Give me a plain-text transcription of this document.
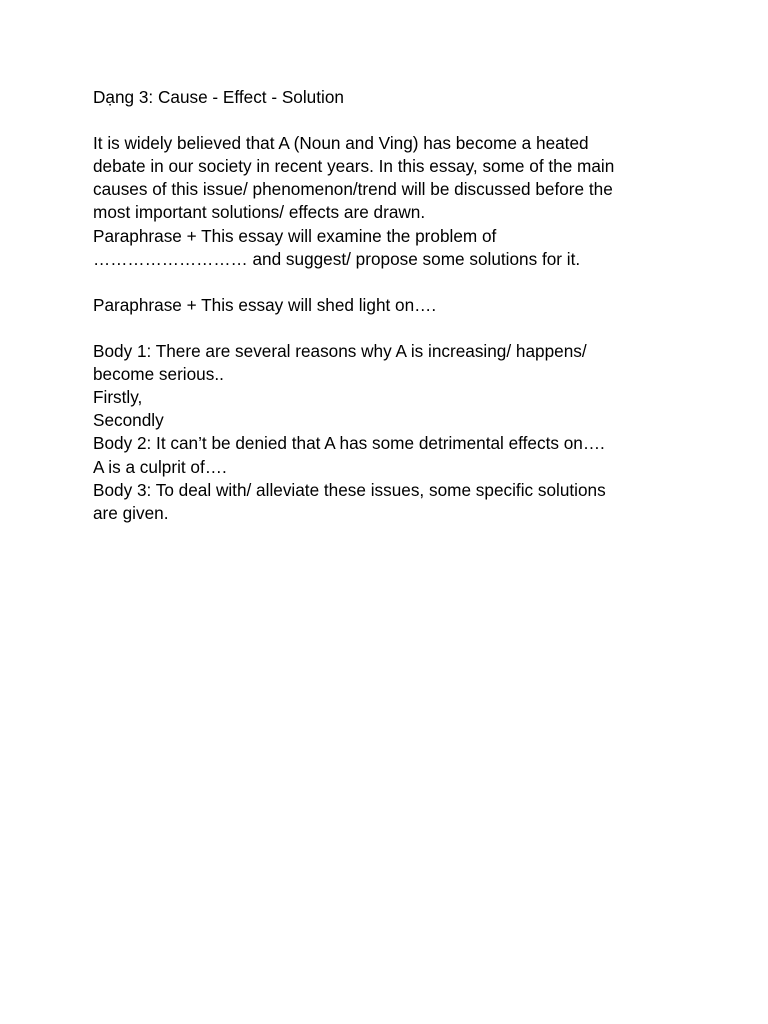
Dạng 3: Cause - Effect - Solution
It is widely believed that A (Noun and Ving) has become a heated
debate in our society in recent years. In this essay, some of the main
causes of this issue/ phenomenon/trend will be discussed before the
most important solutions/ effects are drawn.
Paraphrase + This essay will examine the problem of
……………………… and suggest/ propose some solutions for it.
Paraphrase + This essay will shed light on….
Body 1: There are several reasons why A is increasing/ happens/
become serious..
Firstly,
Secondly
Body 2: It can’t be denied that A has some detrimental effects on….
A is a culprit of….
Body 3: To deal with/ alleviate these issues, some specific solutions
are given.
